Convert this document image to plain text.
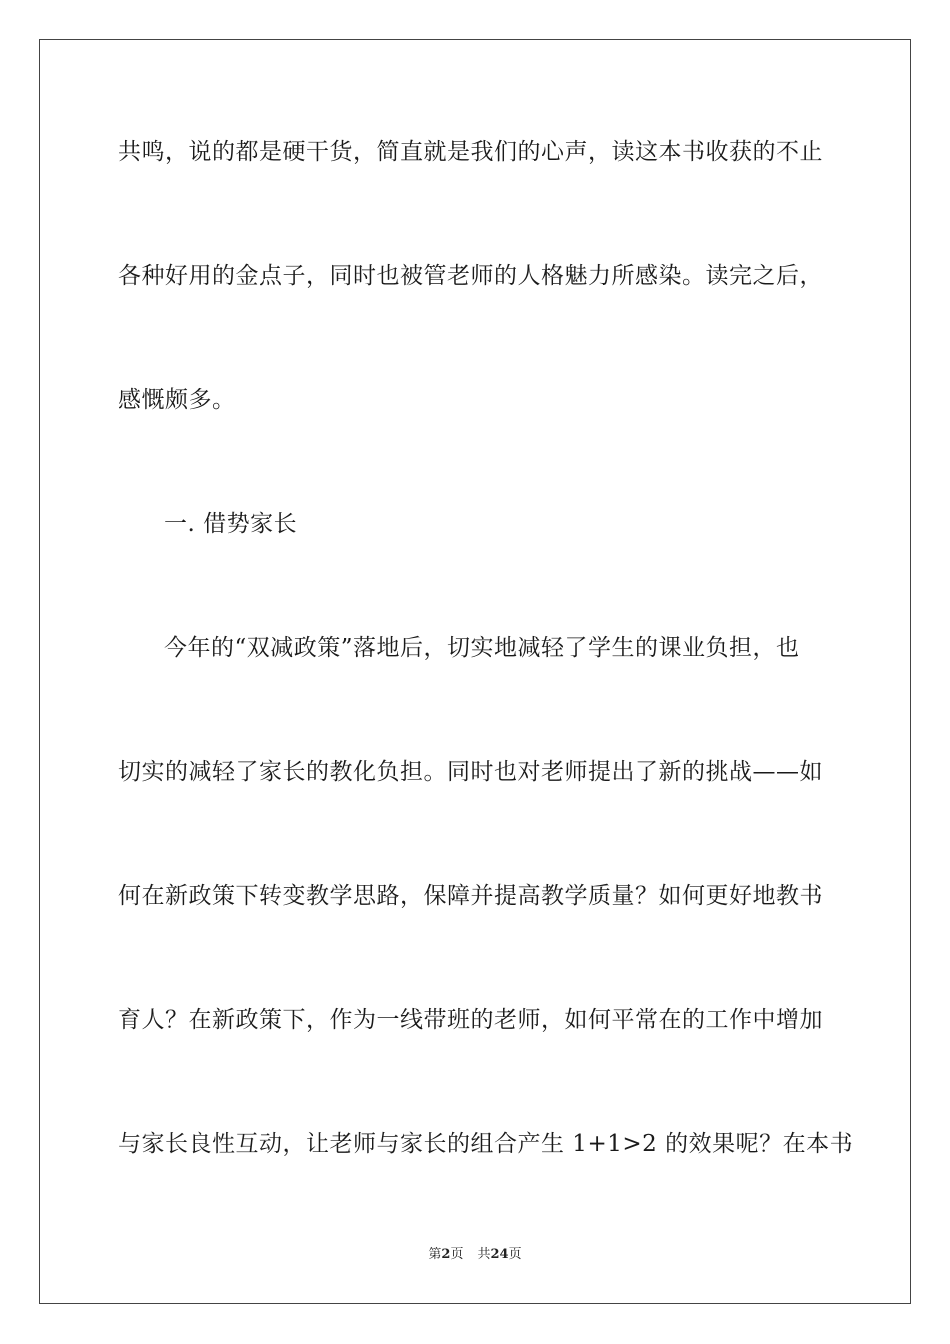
共鸣，说的都是硬干货，简直就是我们的心声，读这本书收获的不止
各种好用的金点子，同时也被管老师的人格魅力所感染。读完之后，
感慨颇多。
一. 借势家长
今年的“双减政策”落地后，切实地减轻了学生的课业负担，也
切实的减轻了家长的教化负担。同时也对老师提出了新的挑战——如
何在新政策下转变教学思路，保障并提高教学质量？如何更好地教书
育人？在新政策下，作为一线带班的老师，如何平常在的工作中增加
与家长良性互动，让老师与家长的组合产生 1+1>2 的效果呢？在本书
第2页 共24页
